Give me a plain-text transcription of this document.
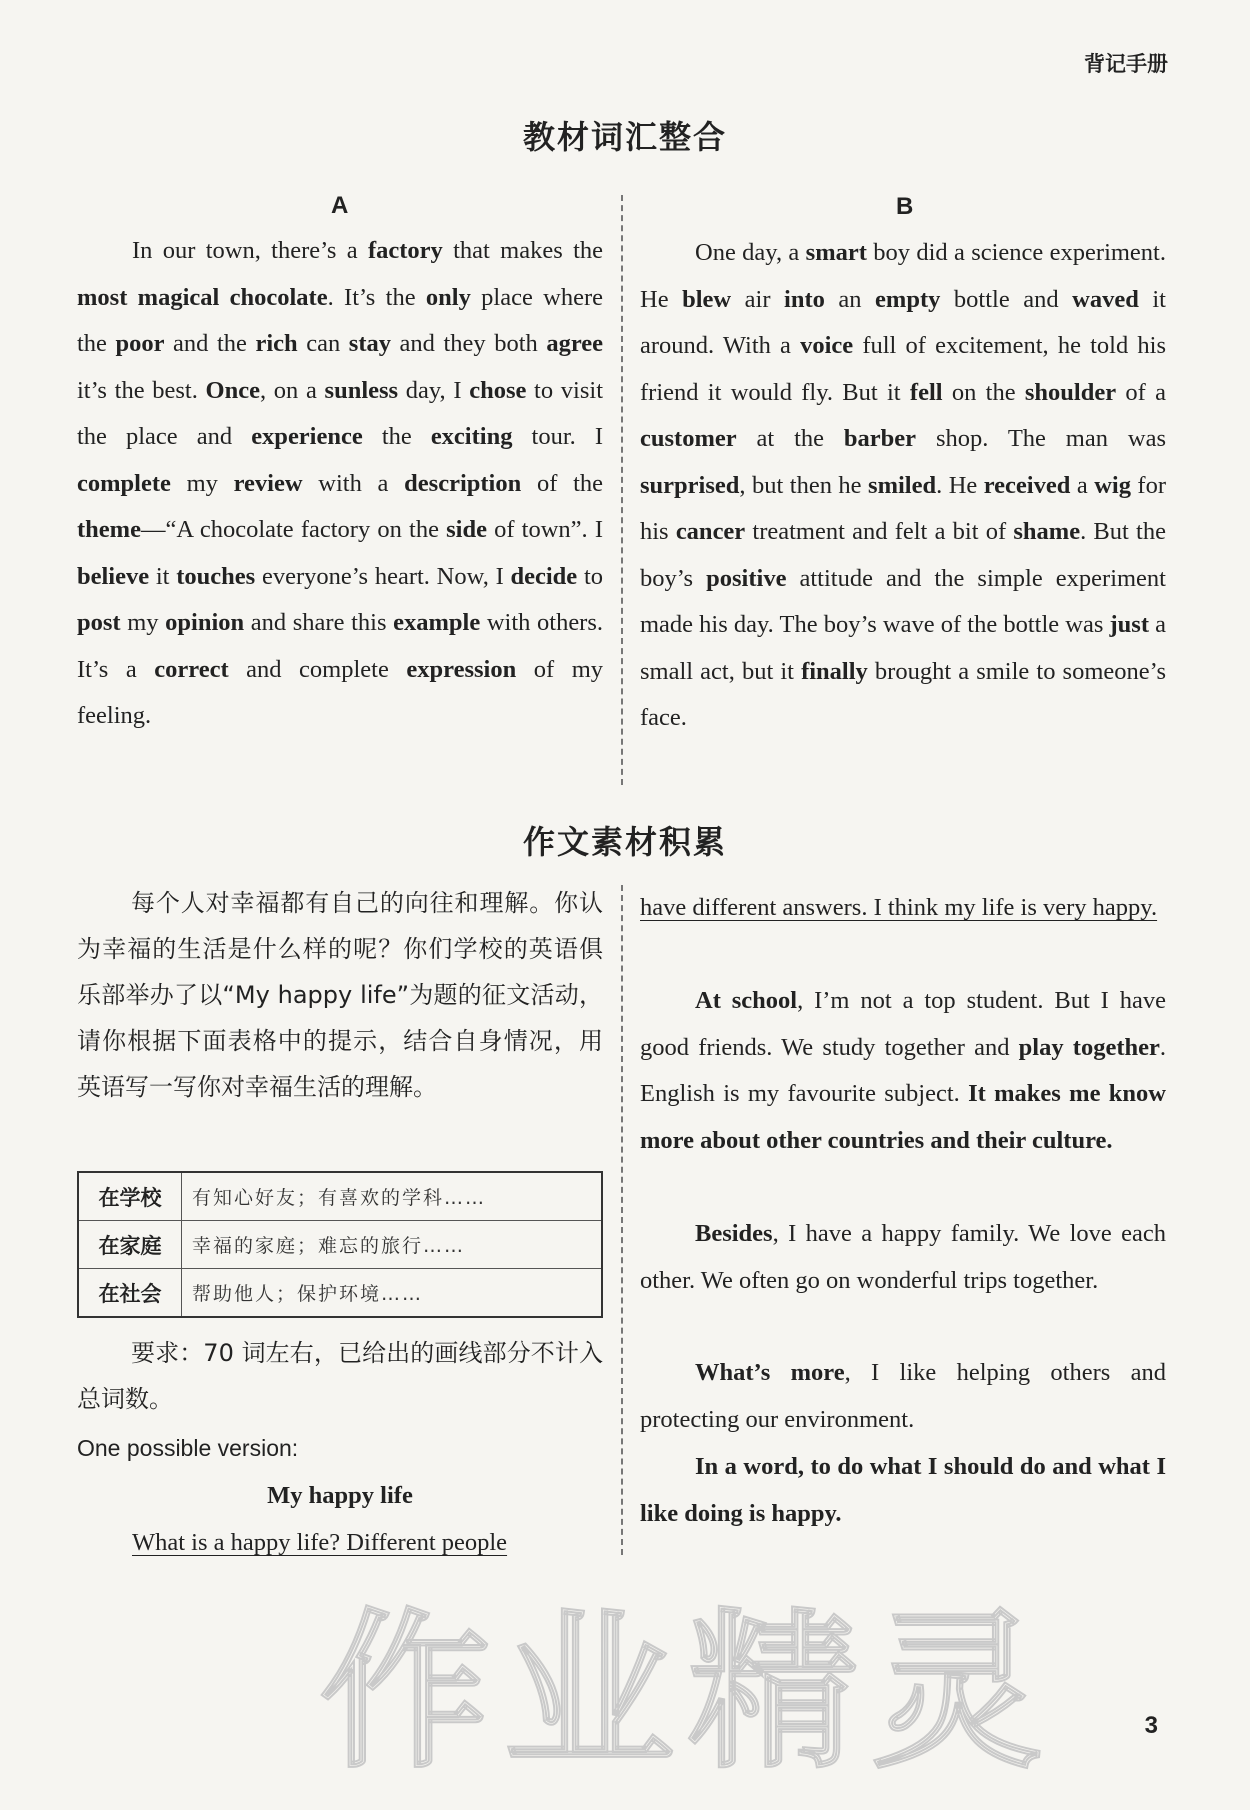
背记手册
教材词汇整合
A	B

In our town, there’s a factory that makes the most magical chocolate. It’s the only place where the poor and the rich can stay and they both agree it’s the best. Once, on a sunless day, I chose to visit the place and experience the exciting tour. I complete my review with a description of the theme—“A chocolate factory on the side of town”. I believe it touches everyone’s heart. Now, I decide to post my opinion and share this example with others. It’s a correct and complete expression of my feeling.

One day, a smart boy did a science experiment. He blew air into an empty bottle and waved it around. With a voice full of excitement, he told his friend it would fly. But it fell on the shoulder of a customer at the barber shop. The man was surprised, but then he smiled. He received a wig for his cancer treatment and felt a bit of shame. But the boy’s positive attitude and the simple experiment made his day. The boy’s wave of the bottle was just a small act, but it finally brought a smile to someone’s face.

作文素材积累

每个人对幸福都有自己的向往和理解。你认为幸福的生活是什么样的呢？你们学校的英语俱乐部举办了以“My happy life”为题的征文活动，请你根据下面表格中的提示，结合自身情况，用英语写一写你对幸福生活的理解。

在学校	有知心好友；有喜欢的学科……
在家庭	幸福的家庭；难忘的旅行……
在社会	帮助他人；保护环境……

要求：70 词左右，已给出的画线部分不计入总词数。

One possible version:
My happy life
What is a happy life? Different people

have different answers. I think my life is very happy.

At school, I’m not a top student. But I have good friends. We study together and play together. English is my favourite subject. It makes me know more about other countries and their culture.

Besides, I have a happy family. We love each other. We often go on wonderful trips together.

What’s more, I like helping others and protecting our environment.

In a word, to do what I should do and what I like doing is happy.

作业精灵	3
